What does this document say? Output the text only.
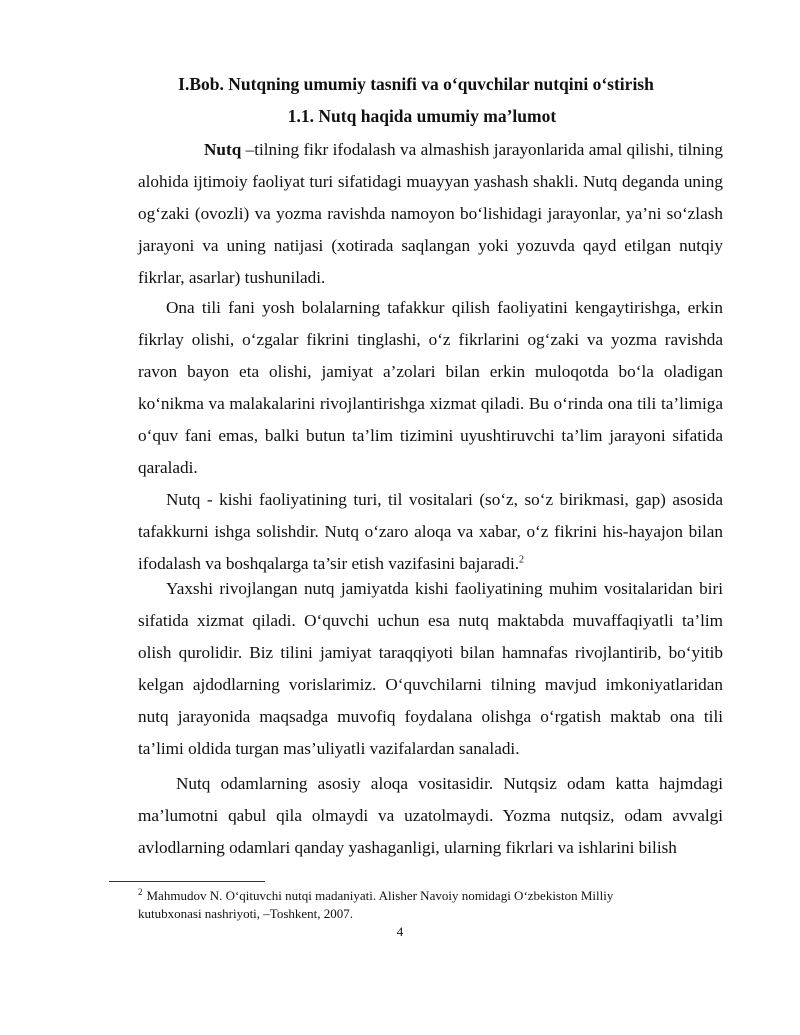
I.Bob. Nutqning umumiy tasnifi va o‘quvchilar nutqini o‘stirish
1.1. Nutq haqida umumiy ma’lumot

Nutq –tilning fikr ifodalash va almashish jarayonlarida amal qilishi, tilning alohida ijtimoiy faoliyat turi sifatidagi muayyan yashash shakli. Nutq deganda uning og‘zaki (ovozli) va yozma ravishda namoyon bo‘lishidagi jarayonlar, ya’ni so‘zlash jarayoni va uning natijasi (xotirada saqlangan yoki yozuvda qayd etilgan nutqiy fikrlar, asarlar) tushuniladi.

Ona tili fani yosh bolalarning tafakkur qilish faoliyatini kengaytirishga, erkin fikrlay olishi, o‘zgalar fikrini tinglashi, o‘z fikrlarini og‘zaki va yozma ravishda ravon bayon eta olishi, jamiyat a’zolari bilan erkin muloqotda bo‘la oladigan ko‘nikma va malakalarini rivojlantirishga xizmat qiladi. Bu o‘rinda ona tili ta’limiga o‘quv fani emas, balki butun ta’lim tizimini uyushtiruvchi ta’lim jarayoni sifatida qaraladi.

Nutq - kishi faoliyatining turi, til vositalari (so‘z, so‘z birikmasi, gap) asosida tafakkurni ishga solishdir. Nutq o‘zaro aloqa va xabar, o‘z fikrini his-hayajon bilan ifodalash va boshqalarga ta’sir etish vazifasini bajaradi.$^2$

Yaxshi rivojlangan nutq jamiyatda kishi faoliyatining muhim vositalaridan biri sifatida xizmat qiladi. O‘quvchi uchun esa nutq maktabda muvaffaqiyatli ta’lim olish qurolidir. Biz tilini jamiyat taraqqiyoti bilan hamnafas rivojlantirib, bo‘yitib kelgan ajdodlarning vorislarimiz. O‘quvchilarni tilning mavjud imkoniyatlaridan nutq jarayonida maqsadga muvofiq foydalana olishga o‘rgatish maktab ona tili ta’limi oldida turgan mas’uliyatli vazifalardan sanaladi.

Nutq odamlarning asosiy aloqa vositasidir. Nutqsiz odam katta hajmdagi ma’lumotni qabul qila olmaydi va uzatolmaydi. Yozma nutqsiz, odam avvalgi avlodlarning odamlari qanday yashaganligi, ularning fikrlari va ishlarini bilish

$^2$ Mahmudov N. O‘qituvchi nutqi madaniyati. Alisher Navoiy nomidagi O‘zbekiston Milliy
kutubxonasi nashriyoti, –Toshkent, 2007.
4
